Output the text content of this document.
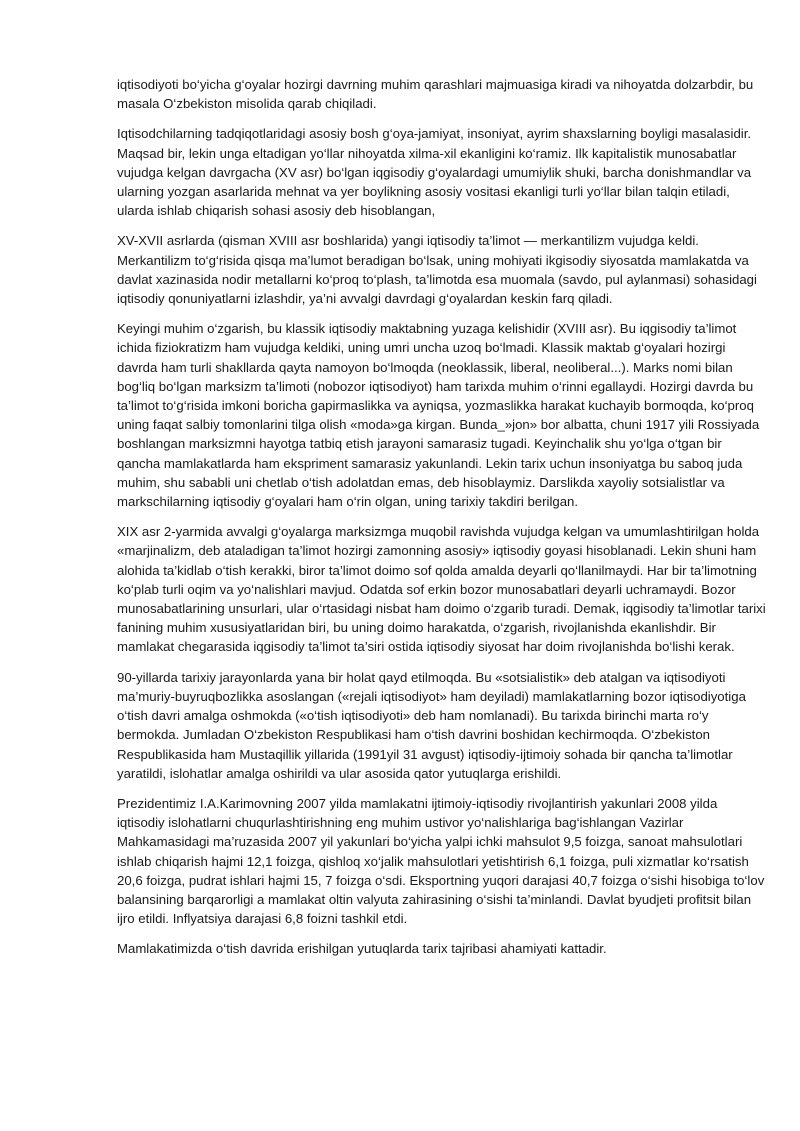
iqtisodiyoti bo‘yicha g‘oyalar hozirgi davrning muhim qarashlari majmuasiga kiradi va nihoyatda dolzarbdir, bu masala O‘zbekiston misolida qarab chiqiladi.

Iqtisodchilarning tadqiqotlaridagi asosiy bosh g‘oya-jamiyat, insoniyat, ayrim shaxslarning boyligi masalasidir. Maqsad bir, lekin unga eltadigan yo‘llar nihoyatda xilma-xil ekanligini ko‘ramiz. Ilk kapitalistik munosabatlar vujudga kelgan davrgacha (XV asr) bo‘lgan iqgisodiy g‘oyalardagi umumiylik shuki, barcha donishmandlar va ularning yozgan asarlarida mehnat va yer boylikning asosiy vositasi ekanligi turli yo‘llar bilan talqin etiladi, ularda ishlab chiqarish sohasi asosiy deb hisoblangan,

XV-XVII asrlarda (qisman XVIII asr boshlarida) yangi iqtisodiy ta’limot — merkantilizm vujudga keldi. Merkantilizm to‘g‘risida qisqa ma’lumot beradigan bo‘lsak, uning mohiyati ikgisodiy siyosatda mamlakatda va davlat xazinasida nodir metallarni ko‘proq to‘plash, ta’limotda esa muomala (savdo, pul aylanmasi) sohasidagi iqtisodiy qonuniyatlarni izlashdir, ya’ni avvalgi davrdagi g‘oyalardan keskin farq qiladi.

Keyingi muhim o‘zgarish, bu klassik iqtisodiy maktabning yuzaga kelishidir (XVIII asr). Bu iqgisodiy ta’limot ichida fiziokratizm ham vujudga keldiki, uning umri uncha uzoq bo‘lmadi. Klassik maktab g‘oyalari hozirgi davrda ham turli shakllarda qayta namoyon bo‘lmoqda (neoklassik, liberal, neoliberal...). Marks nomi bilan bog‘liq bo‘lgan marksizm ta’limoti (nobozor iqtisodiyot) ham tarixda muhim o‘rinni egallaydi. Hozirgi davrda bu ta’limot to‘g‘risida imkoni boricha gapirmaslikka va ayniqsa, yozmaslikka harakat kuchayib bormoqda, ko‘proq uning faqat salbiy tomonlarini tilga olish «moda»ga kirgan. Bunda_»jon» bor albatta, chuni 1917 yili Rossiyada boshlangan marksizmni hayotga tatbiq etish jarayoni samarasiz tugadi. Keyinchalik shu yo‘lga o‘tgan bir qancha mamlakatlarda ham eksprim‍ent samarasiz yakunlandi. Lekin tarix uchun insoniyatga bu saboq juda muhim, shu sababli uni chetlab o‘tish adolatdan emas, deb hisoblaymiz. Darslikda xayoliy sotsialistlar va markschilarning iqtisodiy g‘oyalari ham o‘rin olgan, uning tarixiy takdiri berilgan.

XIX asr 2-yarmida avvalgi g‘oyalarga marksizmga muqobil ravishda vujudga kelgan va umumlashtirilgan holda «marjinalizm, deb ataladigan ta’limot hozirgi zamonning asosiy» iqtisodiy goyasi hisoblanadi. Lekin shuni ham alohida ta’kidlab o‘tish kerakki, biror ta’limot doimo sof qolda amalda deyarli qo‘llanilmaydi. Har bir ta’limotning ko‘plab turli oqim va yo‘nalishlari mavjud. Odatda sof erkin bozor munosabatlari deyarli uchramaydi. Bozor munosabatlarining unsurlari, ular o‘rtasidagi nisbat ham doimo o‘zgarib turadi. Demak, iqgisodiy ta’limotlar tarixi fanining muhim xususiyatlaridan biri, bu uning doimo harakatda, o‘zgarish, rivojlanishda ekanlishdir. Bir mamlakat chegarasida iqgisodiy ta’limot ta’siri ostida iqtisodiy siyosat har doim rivojlanishda bo‘lishi kerak.

90-yillarda tarixiy jarayonlarda yana bir holat qayd etilmoqda. Bu «sotsialistik» deb atalgan va iqtisodiyoti ma’muriy-buyruqbozlikka asoslangan («rejali iqtisodiyot» ham deyiladi) mamlakatlarning bozor iqtisodiyotiga o‘tish davri amalga oshmokda («o‘tish iqtisodiyoti» deb ham nomlanadi). Bu tarixda birinchi marta ro‘y bermokda. Jumladan O‘zbekiston Respublikasi ham o‘tish davrini boshidan kechirmoqda. O‘zbekiston Respublikasida ham Mustaqillik yillarida (1991yil 31 avgust) iqtisodiy-ijtimoiy sohada bir qancha ta’limotlar yaratildi, islohatlar amalga oshirildi va ular asosida qator yutuqlarga erishildi.

Prezidentimiz I.A.Karimovning 2007 yilda mamlakatni ijtimoiy-iqtisodiy rivojlantirish yakunlari 2008 yilda iqtisodiy islohatlarni chuqurlashtirishning eng muhim ustivor yo‘nalishlariga bag‘ishlangan Vazirlar Mahkamasidagi ma’ruzasida 2007 yil yakunlari bo‘yicha yalpi ichki mahsulot 9,5 foizga, sanoat mahsulotlari ishlab chiqarish hajmi 12,1 foizga, qishloq xo‘jalik mahsulotlari yetishtirish 6,1 foizga, puli xizmatlar ko‘rsatish 20,6 foizga, pudrat ishlari hajmi 15, 7 foizga o‘sdi. Eksportning yuqori darajasi 40,7 foizga o‘sishi hisobiga to‘lov balansining barqarorligi a mamlakat oltin valyuta zahirasining o‘sishi ta’minlandi. Davlat byudjeti profitsit bilan ijro etildi. Inflyatsiya darajasi 6,8 foizni tashkil etdi.

Mamlakatimizda o‘tish davrida erishilgan yutuqlarda tarix tajribasi ahamiyati kattadir.
